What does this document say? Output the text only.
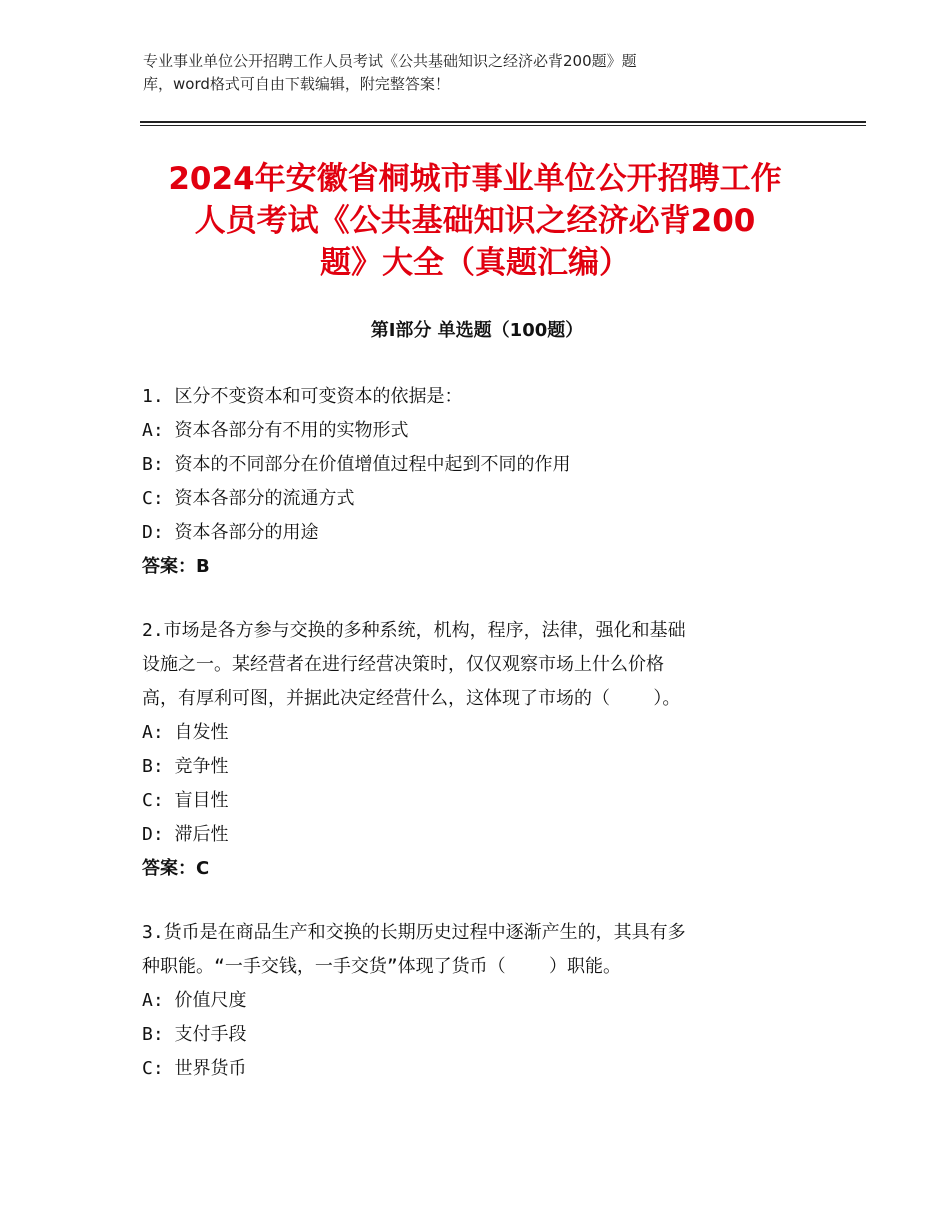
专业事业单位公开招聘工作人员考试《公共基础知识之经济必背200题》题
库，word格式可自由下载编辑，附完整答案！
2024年安徽省桐城市事业单位公开招聘工作
人员考试《公共基础知识之经济必背200
题》大全（真题汇编）
第Ⅰ部分 单选题（100题）
1. 区分不变资本和可变资本的依据是：
A: 资本各部分有不用的实物形式
B: 资本的不同部分在价值增值过程中起到不同的作用
C: 资本各部分的流通方式
D: 资本各部分的用途
答案：B
2.市场是各方参与交换的多种系统，机构，程序，法律，强化和基础
设施之一。某经营者在进行经营决策时，仅仅观察市场上什么价格
高，有厚利可图，并据此决定经营什么，这体现了市场的（    ）。
A: 自发性
B: 竞争性
C: 盲目性
D: 滞后性
答案：C
3.货币是在商品生产和交换的长期历史过程中逐渐产生的，其具有多
种职能。“一手交钱，一手交货”体现了货币（    ）职能。
A: 价值尺度
B: 支付手段
C: 世界货币
